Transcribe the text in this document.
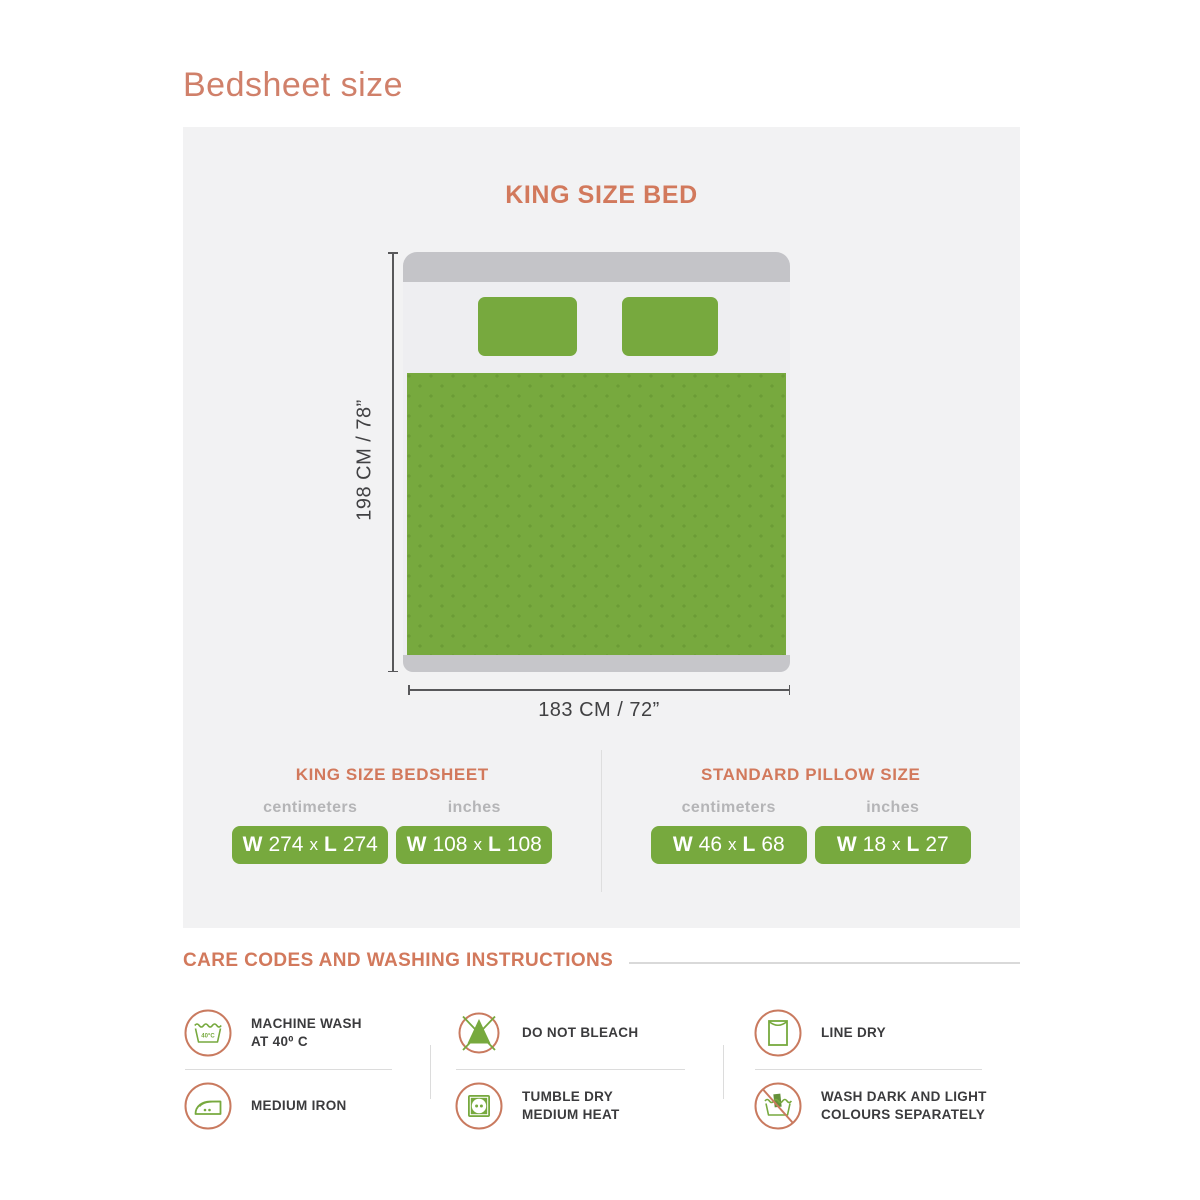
Bedsheet size
KING SIZE BED
198 CM / 78”
183 CM / 72”
KING SIZE BEDSHEET
centimeters
W 274 x L 274
inches
W 108 x L 108
STANDARD PILLOW SIZE
centimeters
W 46 x L 68
inches
W 18 x L 27
CARE CODES AND WASHING INSTRUCTIONS
40°C
MACHINE WASH
AT 40⁰ C
MEDIUM IRON
DO NOT BLEACH
TUMBLE DRY
MEDIUM HEAT
LINE DRY
WASH DARK AND LIGHT
COLOURS SEPARATELY
